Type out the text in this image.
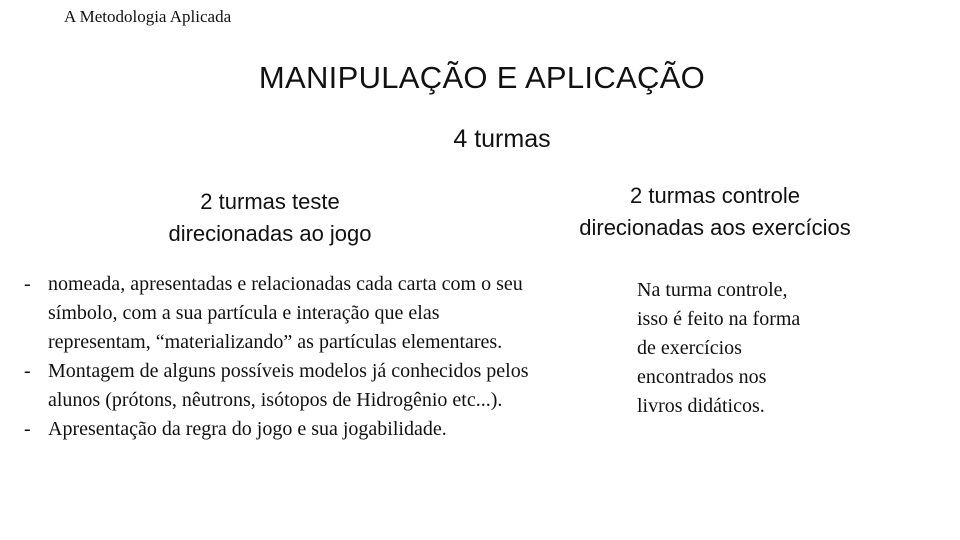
A Metodologia Aplicada
MANIPULAÇÃO E APLICAÇÃO
4 turmas
2 turmas teste
direcionadas ao jogo
2 turmas controle
direcionadas aos exercícios
- nomeada, apresentadas e relacionadas cada carta com o seu símbolo, com a sua partícula e interação que elas representam, “materializando” as partículas elementares.
- Montagem de alguns possíveis modelos já conhecidos pelos alunos (prótons, nêutrons, isótopos de Hidrogênio etc...).
- Apresentação da regra do jogo e sua jogabilidade.
Na turma controle, isso é feito na forma de exercícios encontrados nos livros didáticos.
